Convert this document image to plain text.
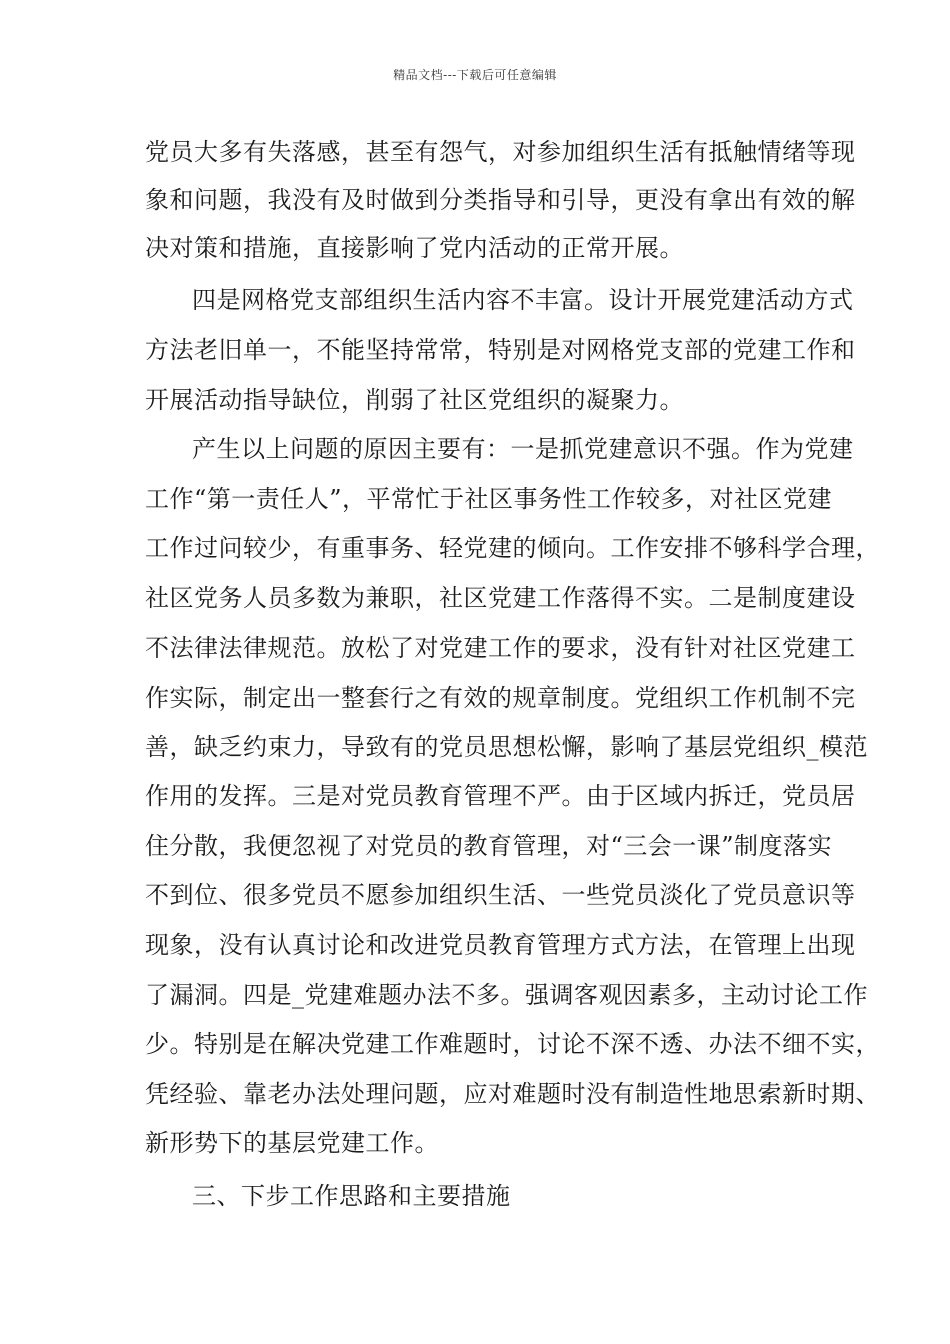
精品文档---下载后可任意编辑
党员大多有失落感，甚至有怨气，对参加组织生活有抵触情绪等现
象和问题，我没有及时做到分类指导和引导，更没有拿出有效的解
决对策和措施，直接影响了党内活动的正常开展。
四是网格党支部组织生活内容不丰富。设计开展党建活动方式
方法老旧单一，不能坚持常常，特别是对网格党支部的党建工作和
开展活动指导缺位，削弱了社区党组织的凝聚力。
产生以上问题的原因主要有：一是抓党建意识不强。作为党建
工作“第一责任人”，平常忙于社区事务性工作较多，对社区党建
工作过问较少，有重事务、轻党建的倾向。工作安排不够科学合理，
社区党务人员多数为兼职，社区党建工作落得不实。二是制度建设
不法律法律规范。放松了对党建工作的要求，没有针对社区党建工
作实际，制定出一整套行之有效的规章制度。党组织工作机制不完
善，缺乏约束力，导致有的党员思想松懈，影响了基层党组织_模范
作用的发挥。三是对党员教育管理不严。由于区域内拆迁，党员居
住分散，我便忽视了对党员的教育管理，对“三会一课”制度落实
不到位、很多党员不愿参加组织生活、一些党员淡化了党员意识等
现象，没有认真讨论和改进党员教育管理方式方法，在管理上出现
了漏洞。四是_党建难题办法不多。强调客观因素多，主动讨论工作
少。特别是在解决党建工作难题时，讨论不深不透、办法不细不实，
凭经验、靠老办法处理问题，应对难题时没有制造性地思索新时期、
新形势下的基层党建工作。
三、下步工作思路和主要措施
